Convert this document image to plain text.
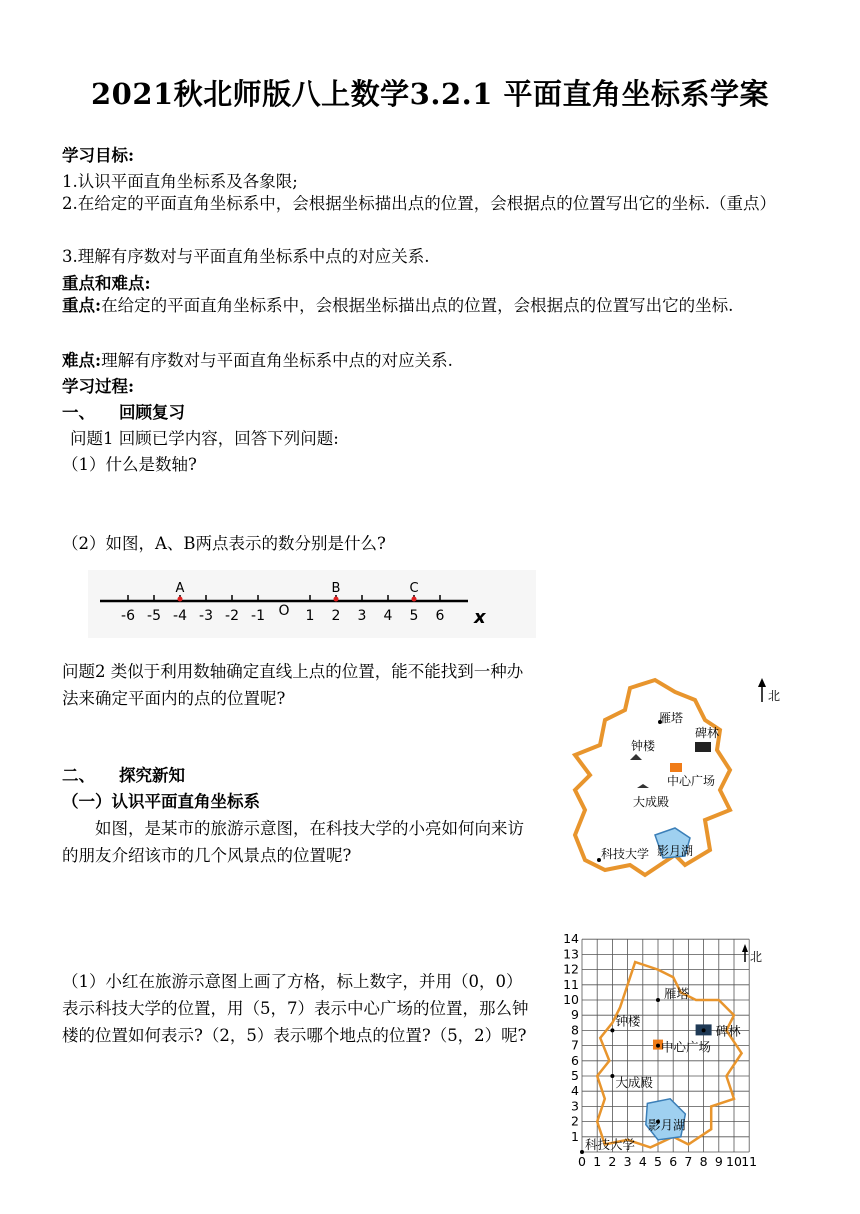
2021秋北师版八上数学3.2.1 平面直角坐标系学案
学习目标:
1.认识平面直角坐标系及各象限;
2.在给定的平面直角坐标系中，会根据坐标描出点的位置，会根据点的位置写出它的坐标.（重点）
3.理解有序数对与平面直角坐标系中点的对应关系.
重点和难点:
重点:在给定的平面直角坐标系中，会根据坐标描出点的位置，会根据点的位置写出它的坐标.
难点:理解有序数对与平面直角坐标系中点的对应关系.
学习过程:
一、 回顾复习
问题1 回顾已学内容，回答下列问题:
（1）什么是数轴?
（2）如图，A、B两点表示的数分别是什么?
-6 -5 -4 -3 -2 -1 O 1 2 3 4 5 6
A	B	C
x
问题2 类似于利用数轴确定直线上点的位置，能不能找到一种办法来确定平面内的点的位置呢?	北
雁塔
碑林
钟楼
中心广场
大成殿
影月湖
科技大学
二、 探究新知
（一）认识平面直角坐标系
如图，是某市的旅游示意图，在科技大学的小亮如何向来访的朋友介绍该市的几个风景点的位置呢?
（1）小红在旅游示意图上画了方格，标上数字，并用（0，0）表示科技大学的位置，用（5，7）表示中心广场的位置，那么钟楼的位置如何表示?（2，5）表示哪个地点的位置?（5，2）呢?
0 1 2 3 4 5 6 7 8 9 10 11
1
2
3
4
5
6
7
8
9
10
11
12
13
14
雁塔
碑林
钟楼
中心广场
大成殿
影月湖
科技大学
北
